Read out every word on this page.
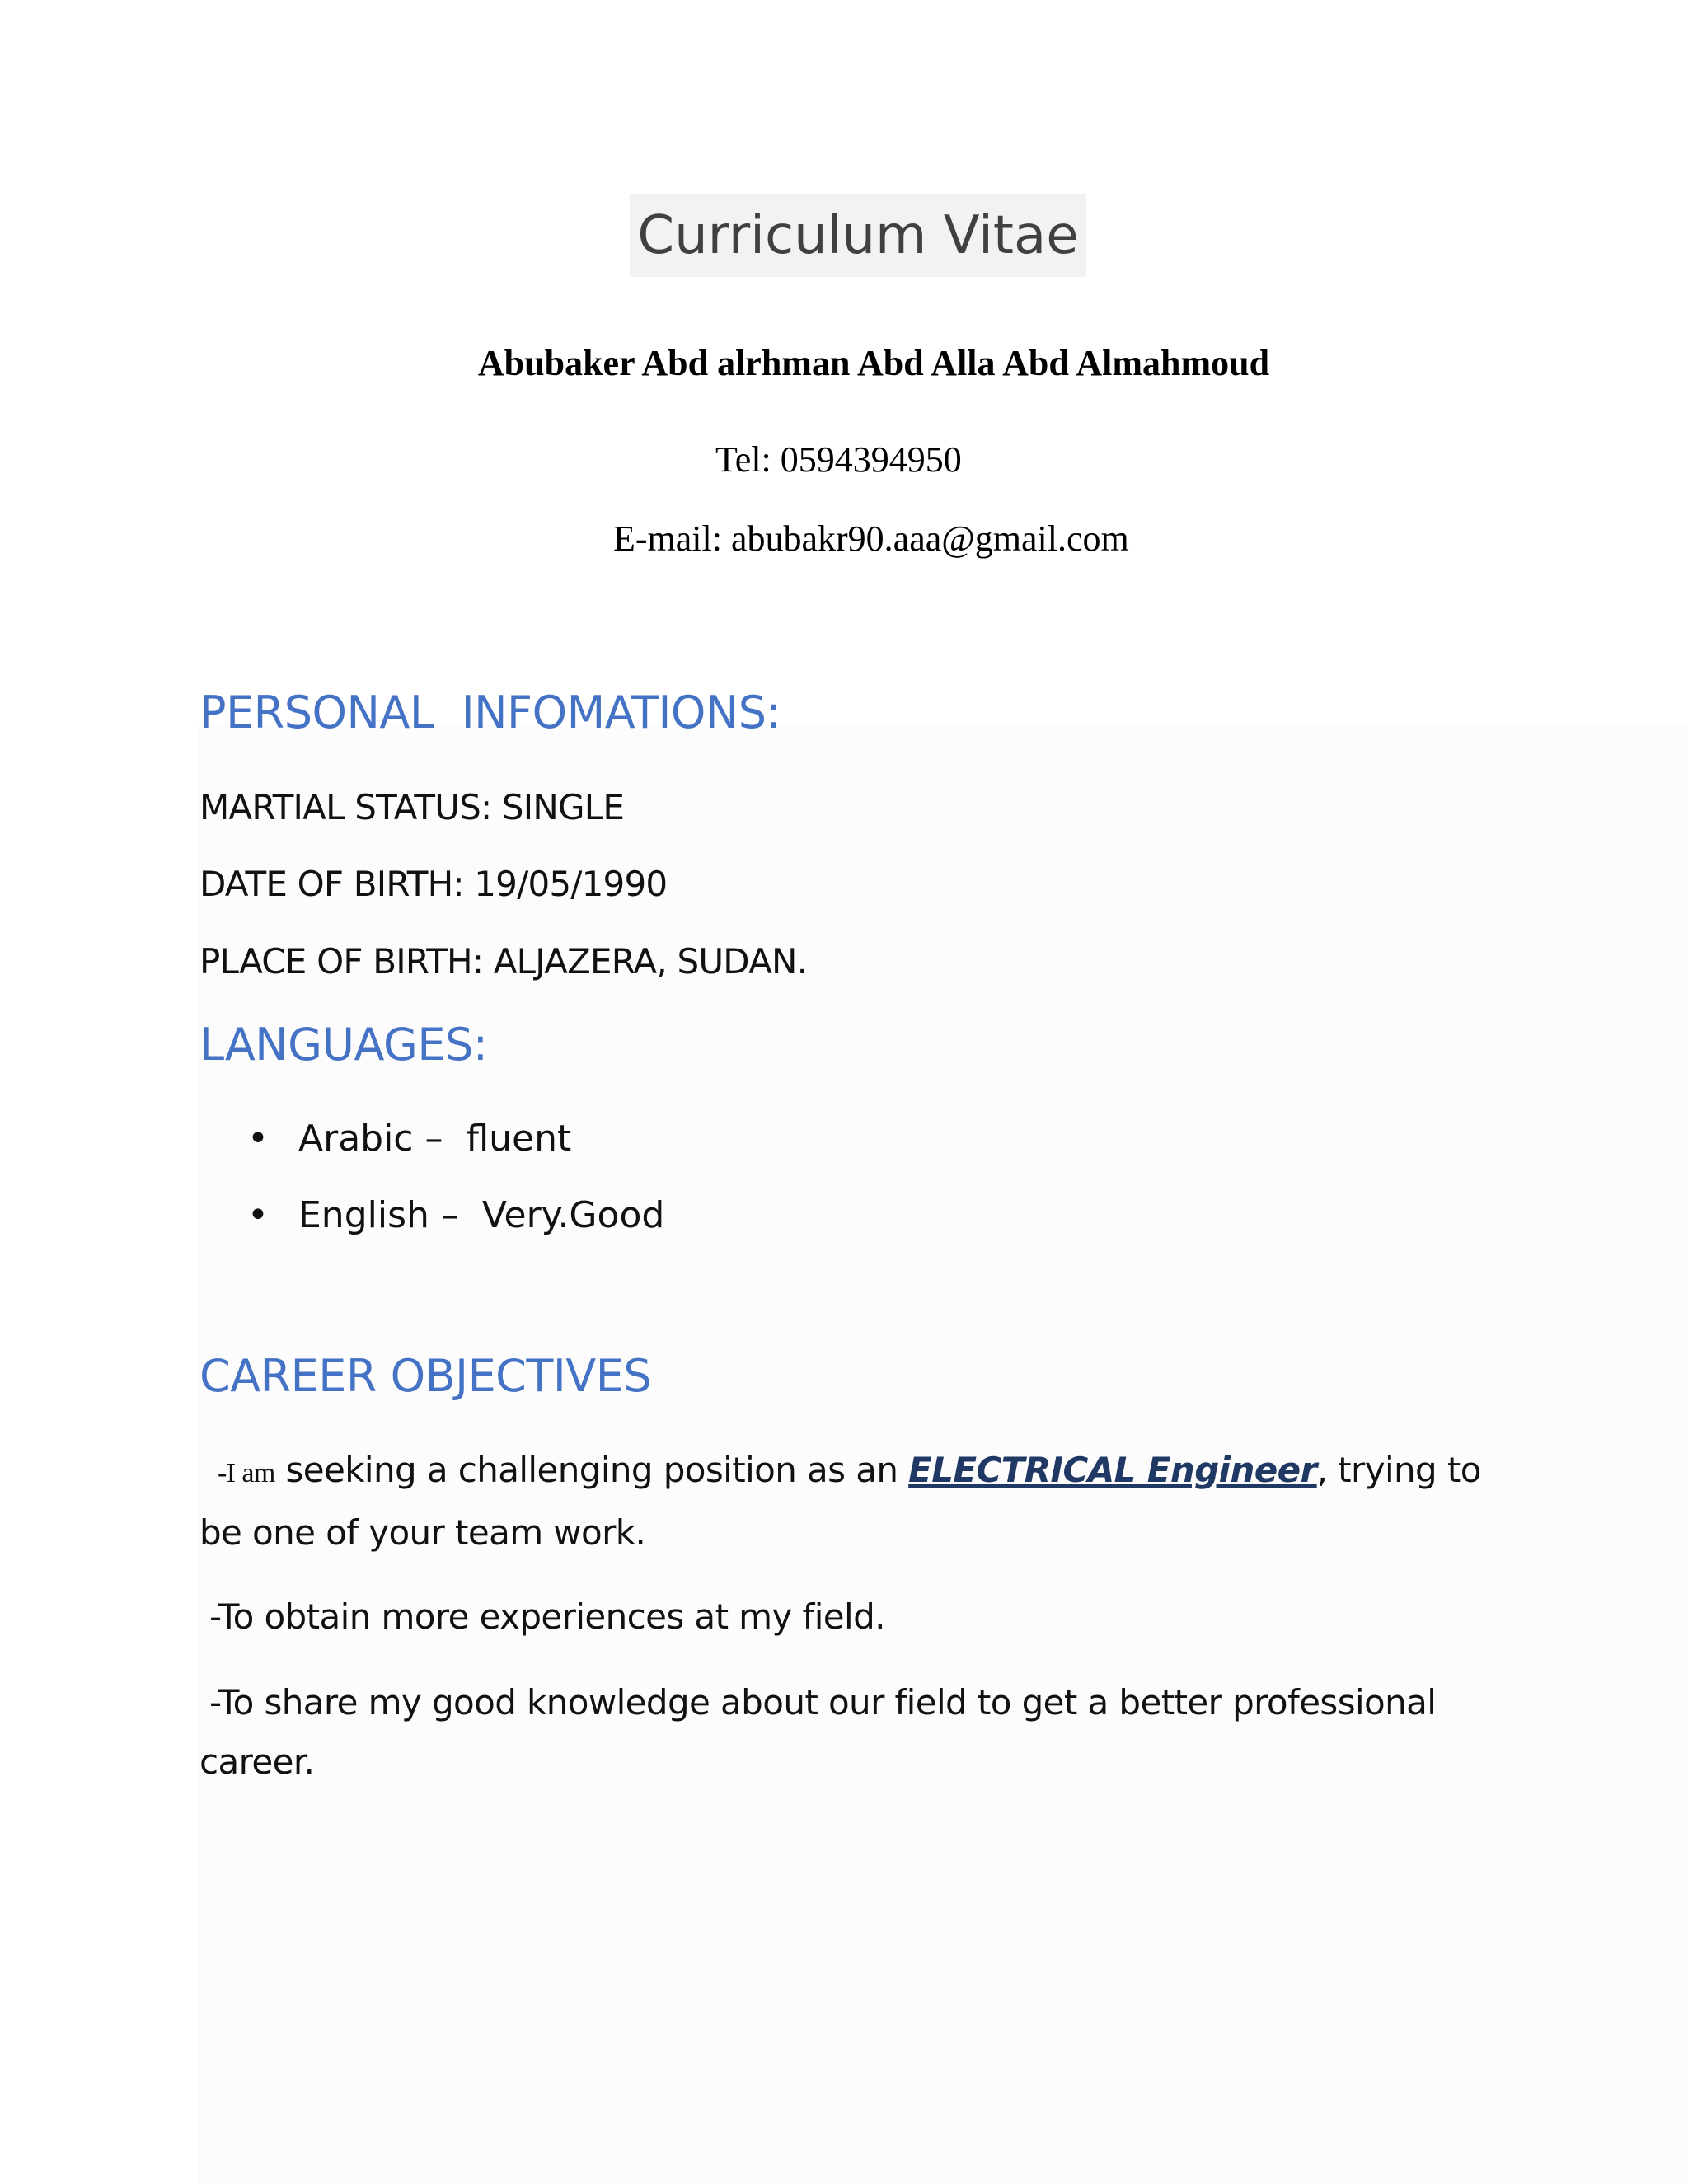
Curriculum Vitae
Abubaker Abd alrhman Abd Alla Abd Almahmoud
Tel: 0594394950
E-mail: abubakr90.aaa@gmail.com
PERSONAL  INFOMATIONS:
MARTIAL STATUS: SINGLE
DATE OF BIRTH: 19/05/1990
PLACE OF BIRTH: ALJAZERA, SUDAN.
LANGUAGES:
• Arabic –  fluent
• English –  Very.Good
CAREER OBJECTIVES
-I am seeking a challenging position as an ELECTRICAL Engineer, trying to be one of your team work.
-To obtain more experiences at my field.
-To share my good knowledge about our field to get a better professional career.
